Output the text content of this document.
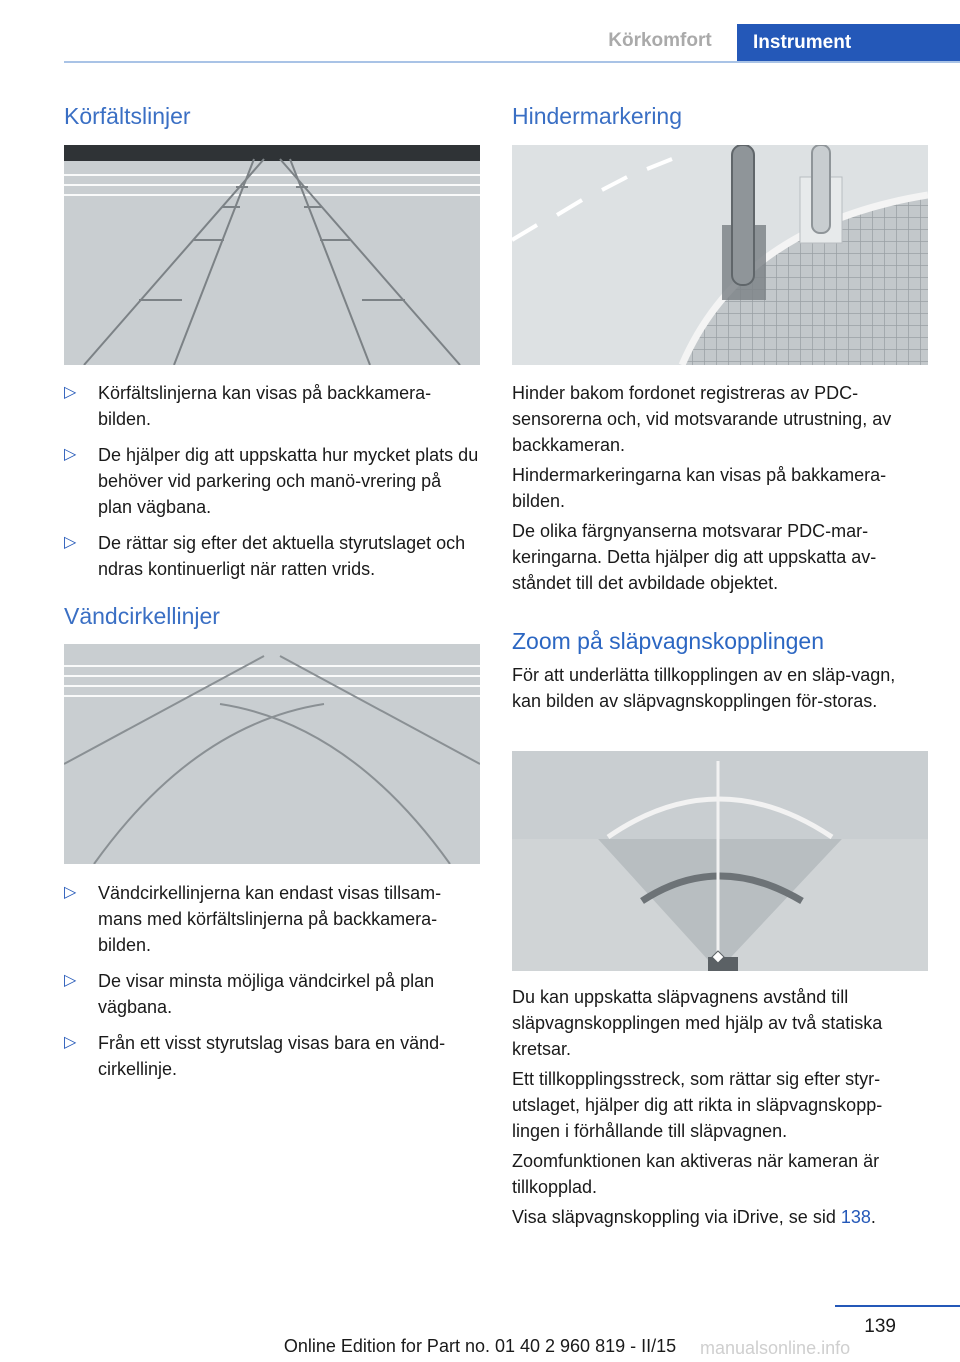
Körkomfort	Instrument
Körfältslinjer
▷ Körfältslinjerna kan visas på backkamera-bilden.
▷ De hjälper dig att uppskatta hur mycket plats du behöver vid parkering och manö-vrering på plan vägbana.
▷ De rättar sig efter det aktuella styrutslaget och ndras kontinuerligt när ratten vrids.
Vändcirkellinjer
▷ Vändcirkellinjerna kan endast visas tillsam-mans med körfältslinjerna på backkamera-bilden.
▷ De visar minsta möjliga vändcirkel på plan vägbana.
▷ Från ett visst styrutslag visas bara en vänd-cirkellinje.
Hindermarkering

Hinder bakom fordonet registreras av PDC-sensorerna och, vid motsvarande utrustning, av backkameran.

Hindermarkeringarna kan visas på bakkamera-bilden.

De olika färgnyanserna motsvarar PDC-mar-keringarna. Detta hjälper dig att uppskatta av-ståndet till det avbildade objektet.

Zoom på släpvagnskopplingen

För att underlätta tillkopplingen av en släp-vagn, kan bilden av släpvagnskopplingen för-storas.

Du kan uppskatta släpvagnens avstånd till släpvagnskopplingen med hjälp av två statiska kretsar.

Ett tillkopplingsstreck, som rättar sig efter styr-utslaget, hjälper dig att rikta in släpvagnskopp-lingen i förhållande till släpvagnen.

Zoomfunktionen kan aktiveras när kameran är tillkopplad.

Visa släpvagnskoppling via iDrive, se sid 138.

139
Online Edition for Part no. 01 40 2 960 819 - II/15	manualsonline.info
